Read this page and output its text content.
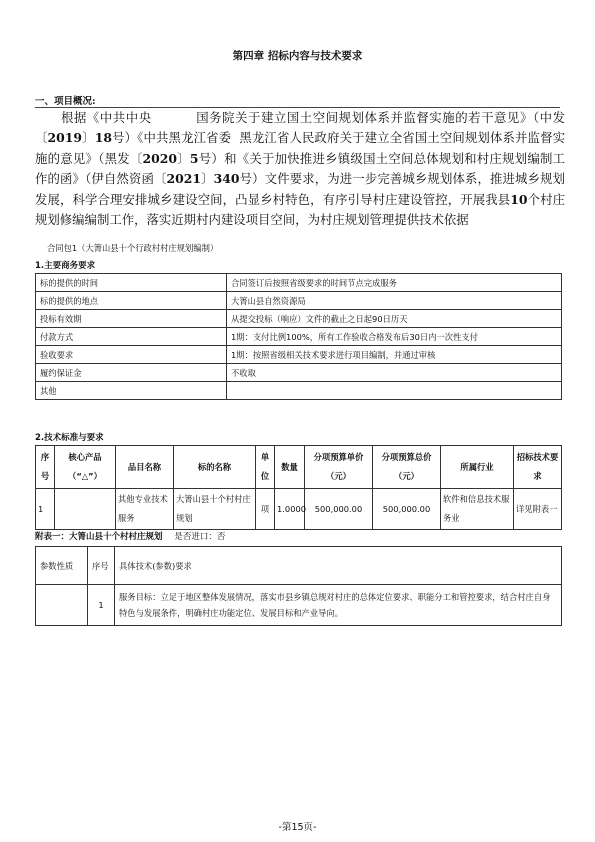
第四章 招标内容与技术要求
一、项目概况:
根据《中共中央	国务院关于建立国土空间规划体系并监督实施的若干意见》（中发〔2019〕18号）《中共黑龙江省委 黑龙江省人民政府关于建立全省国土空间规划体系并监督实施的意见》（黑发〔2020〕5号）和《关于加快推进乡镇级国土空间总体规划和村庄规划编制工作的函》（伊自然资函〔2021〕340号）文件要求，为进一步完善城乡规划体系，推进城乡规划发展，科学合理安排城乡建设空间，凸显乡村特色，有序引导村庄建设管控，开展我县10个村庄规划修编编制工作，落实近期村内建设项目空间，为村庄规划管理提供技术依据
合同包1（大箐山县十个行政村村庄规划编制）
1.主要商务要求
标的提供的时间	合同签订后按照省级要求的时间节点完成服务
标的提供的地点	大箐山县自然资源局
投标有效期	从提交投标（响应）文件的截止之日起90日历天
付款方式	1期：支付比例100%，所有工作验收合格发布后30日内一次性支付
验收要求	1期：按照省级相关技术要求进行项目编制，并通过审核
履约保证金	不收取
其他	
2.技术标准与要求
序号	核心产品（“△”）	品目名称	标的名称	单位	数量	分项预算单价（元）	分项预算总价（元）	所属行业	招标技术要求
1		其他专业技术服务	大箐山县十个村村庄规划	项	1.0000	500,000.00	500,000.00	软件和信息技术服务业	详见附表一
附表一：大箐山县十个村村庄规划 是否进口：否
参数性质	序号	具体技术(参数)要求
	1	服务目标：立足于地区整体发展情况，落实市县乡镇总规对村庄的总体定位要求、职能分工和管控要求，结合村庄自身特色与发展条件，明确村庄功能定位、发展目标和产业导向。
-第15页-
